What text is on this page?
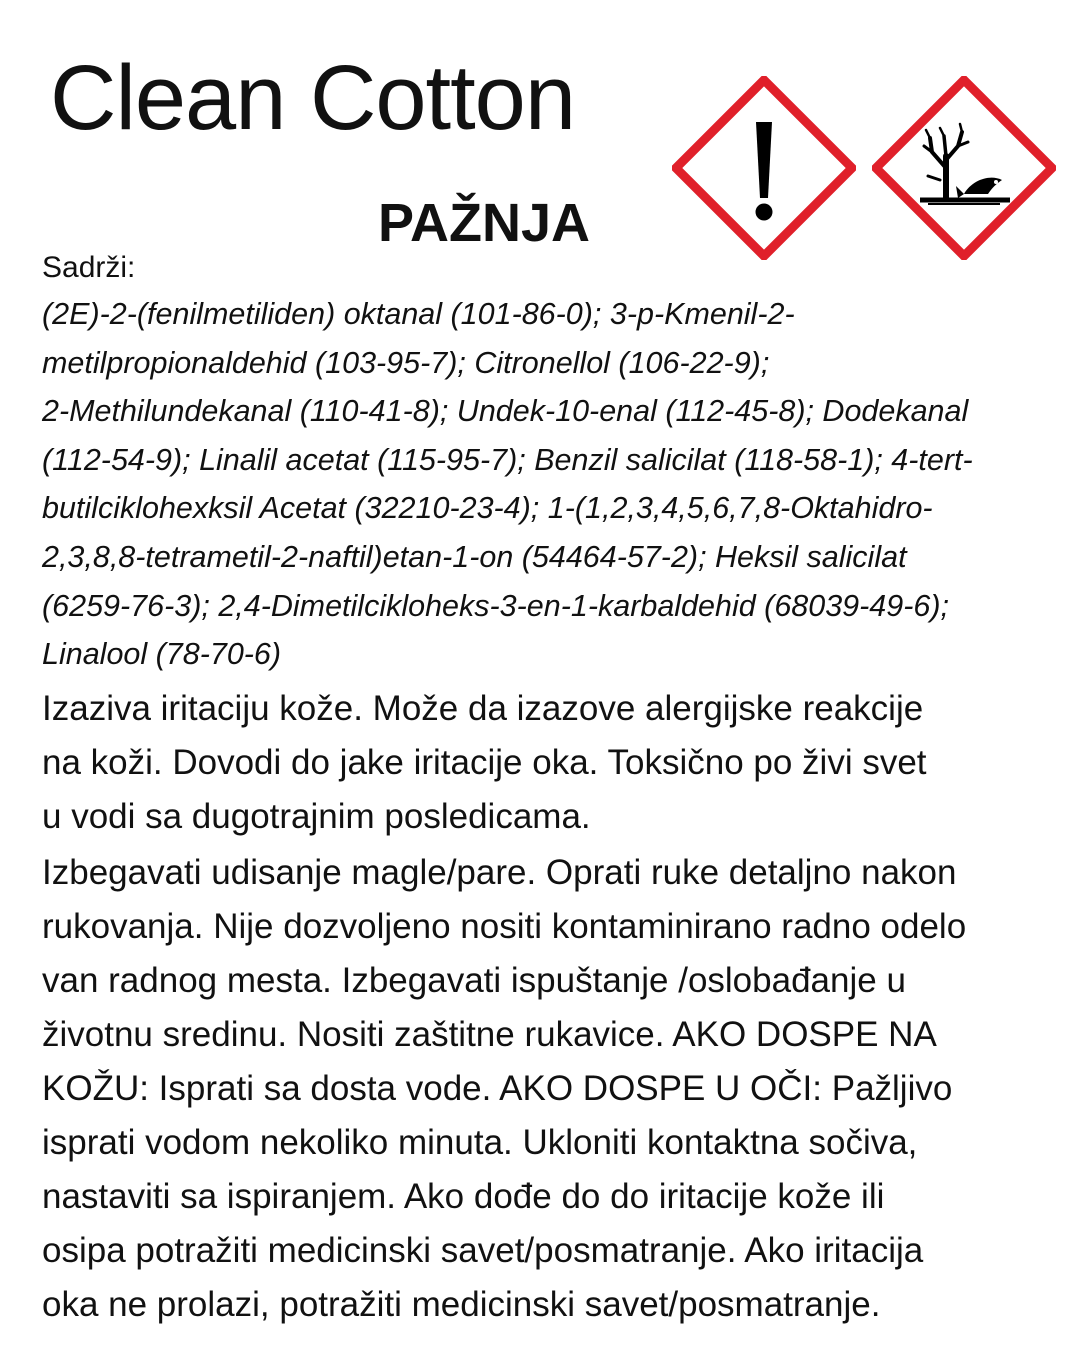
Clean Cotton
PAŽNJA
Sadrži:
(2E)-2-(fenilmetiliden) oktanal (101-86-0); 3-p-Kmenil-2-
metilpropionaldehid (103-95-7); Citronellol (106-22-9);
2-Methilundekanal (110-41-8); Undek-10-enal (112-45-8); Dodekanal
(112-54-9); Linalil acetat (115-95-7); Benzil salicilat (118-58-1); 4-tert-
butilciklohexksil Acetat (32210-23-4); 1-(1,2,3,4,5,6,7,8-Oktahidro-
2,3,8,8-tetrametil-2-naftil)etan-1-on (54464-57-2); Heksil salicilat
(6259-76-3); 2,4-Dimetilcikloheks-3-en-1-karbaldehid (68039-49-6);
Linalool (78-70-6)
Izaziva iritaciju kože. Može da izazove alergijske reakcije
na koži. Dovodi do jake iritacije oka. Toksično po živi svet
u vodi sa dugotrajnim posledicama.
Izbegavati udisanje magle/pare. Oprati ruke detaljno nakon
rukovanja. Nije dozvoljeno nositi kontaminirano radno odelo
van radnog mesta. Izbegavati ispuštanje /oslobađanje u
životnu sredinu. Nositi zaštitne rukavice. AKO DOSPE NA
KOŽU: Isprati sa dosta vode. AKO DOSPE U OČI: Pažljivo
isprati vodom nekoliko minuta. Ukloniti kontaktna sočiva,
nastaviti sa ispiranjem. Ako dođe do do iritacije kože ili
osipa potražiti medicinski savet/posmatranje. Ako iritacija
oka ne prolazi, potražiti medicinski savet/posmatranje.
